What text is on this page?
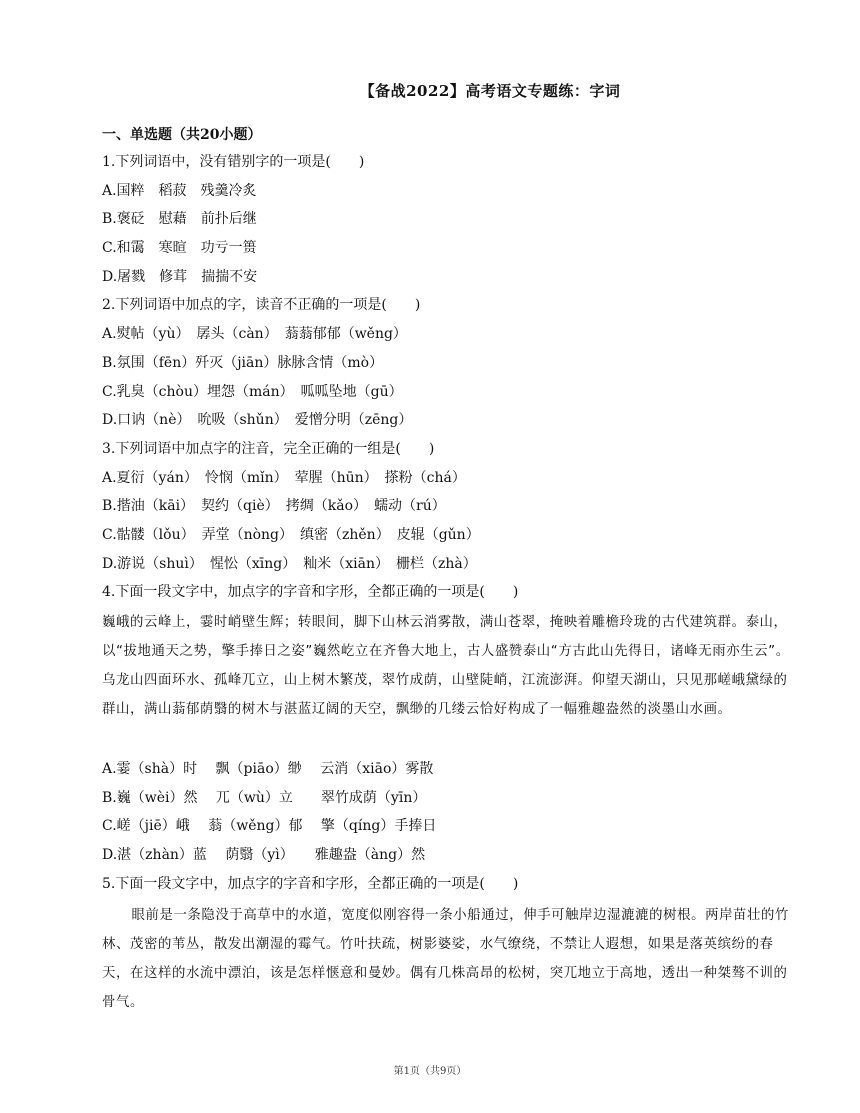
【备战2022】高考语文专题练：字词
一、单选题（共20小题）
1.下列词语中，没有错别字的一项是(　　)
A.国粹　稻菽　残羹冷炙
B.褒砭　慰藉　前扑后继
C.和霭　寒暄　功亏一篑
D.屠戮　修茸　揣揣不安
2.下列词语中加点的字，读音不正确的一项是(　　)
A.熨帖（yù）　孱头（càn）　蓊蓊郁郁（wěng）
B.氛围（fēn）歼灭（jiān）脉脉含情（mò）
C.乳臭（chòu）埋怨（mán）　呱呱坠地（gū）
D.口讷（nè）　吮吸（shǔn）　爱憎分明（zēng）
3.下列词语中加点字的注音，完全正确的一组是(　　)
A.夏衍（yán）　怜悯（mǐn）　荤腥（hūn）　搽粉（chá）
B.揩油（kāi）　契约（qiè）　拷绸（kǎo）　蠕动（rú）
C.骷髅（lǒu）　弄堂（nòng）　缜密（zhěn）　皮辊（gǔn）
D.游说（shuì）　惺忪（xīng）　籼米（xiān）　栅栏（zhà）
4.下面一段文字中，加点字的字音和字形，全都正确的一项是(　　)
巍峨的云峰上，霎时峭壁生辉；转眼间，脚下山林云消雾散，满山苍翠，掩映着雕檐玲珑的古代建筑群。泰山，以“拔地通天之势，擎手捧日之姿”巍然屹立在齐鲁大地上，古人盛赞泰山“方古此山先得日，诸峰无雨亦生云”。乌龙山四面环水、孤峰兀立，山上树木繁茂，翠竹成荫，山壁陡峭，江流澎湃。仰望天湖山，只见那嵯峨黛绿的群山，满山蓊郁荫翳的树木与湛蓝辽阔的天空，飘缈的几缕云恰好构成了一幅雅趣盎然的淡墨山水画。
A.霎（shà）时　 飘（piāo）缈　 云消（xiāo）雾散
B.巍（wèi）然　 兀（wù）立　　翠竹成荫（yīn）
C.嵯（jiē）峨　 蓊（wěng）郁　 擎（qíng）手捧日
D.湛（zhàn）蓝　 荫翳（yì）　　雅趣盎（àng）然
5.下面一段文字中，加点字的字音和字形，全都正确的一项是(　　)
眼前是一条隐没于高草中的水道，宽度似刚容得一条小船通过，伸手可触岸边湿漉漉的树根。两岸苗壮的竹林、茂密的苇丛，散发出潮湿的霉气。竹叶扶疏，树影婆娑，水气缭绕，不禁让人遐想，如果是落英缤纷的春天，在这样的水流中漂泊，该是怎样惬意和曼妙。偶有几株高昂的松树，突兀地立于高地，透出一种桀骜不训的骨气。
第1页（共9页）
